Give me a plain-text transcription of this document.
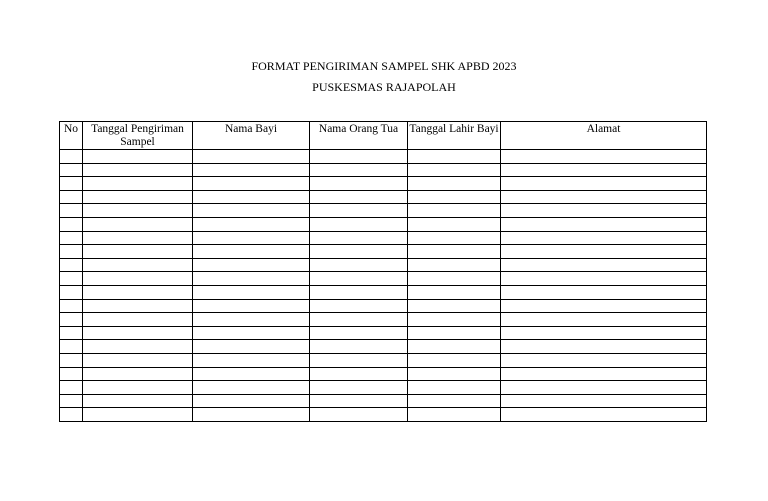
FORMAT PENGIRIMAN SAMPEL SHK APBD 2023
PUSKESMAS RAJAPOLAH
No	Tanggal Pengiriman Sampel	Nama Bayi	Nama Orang Tua	Tanggal Lahir Bayi	Alamat
